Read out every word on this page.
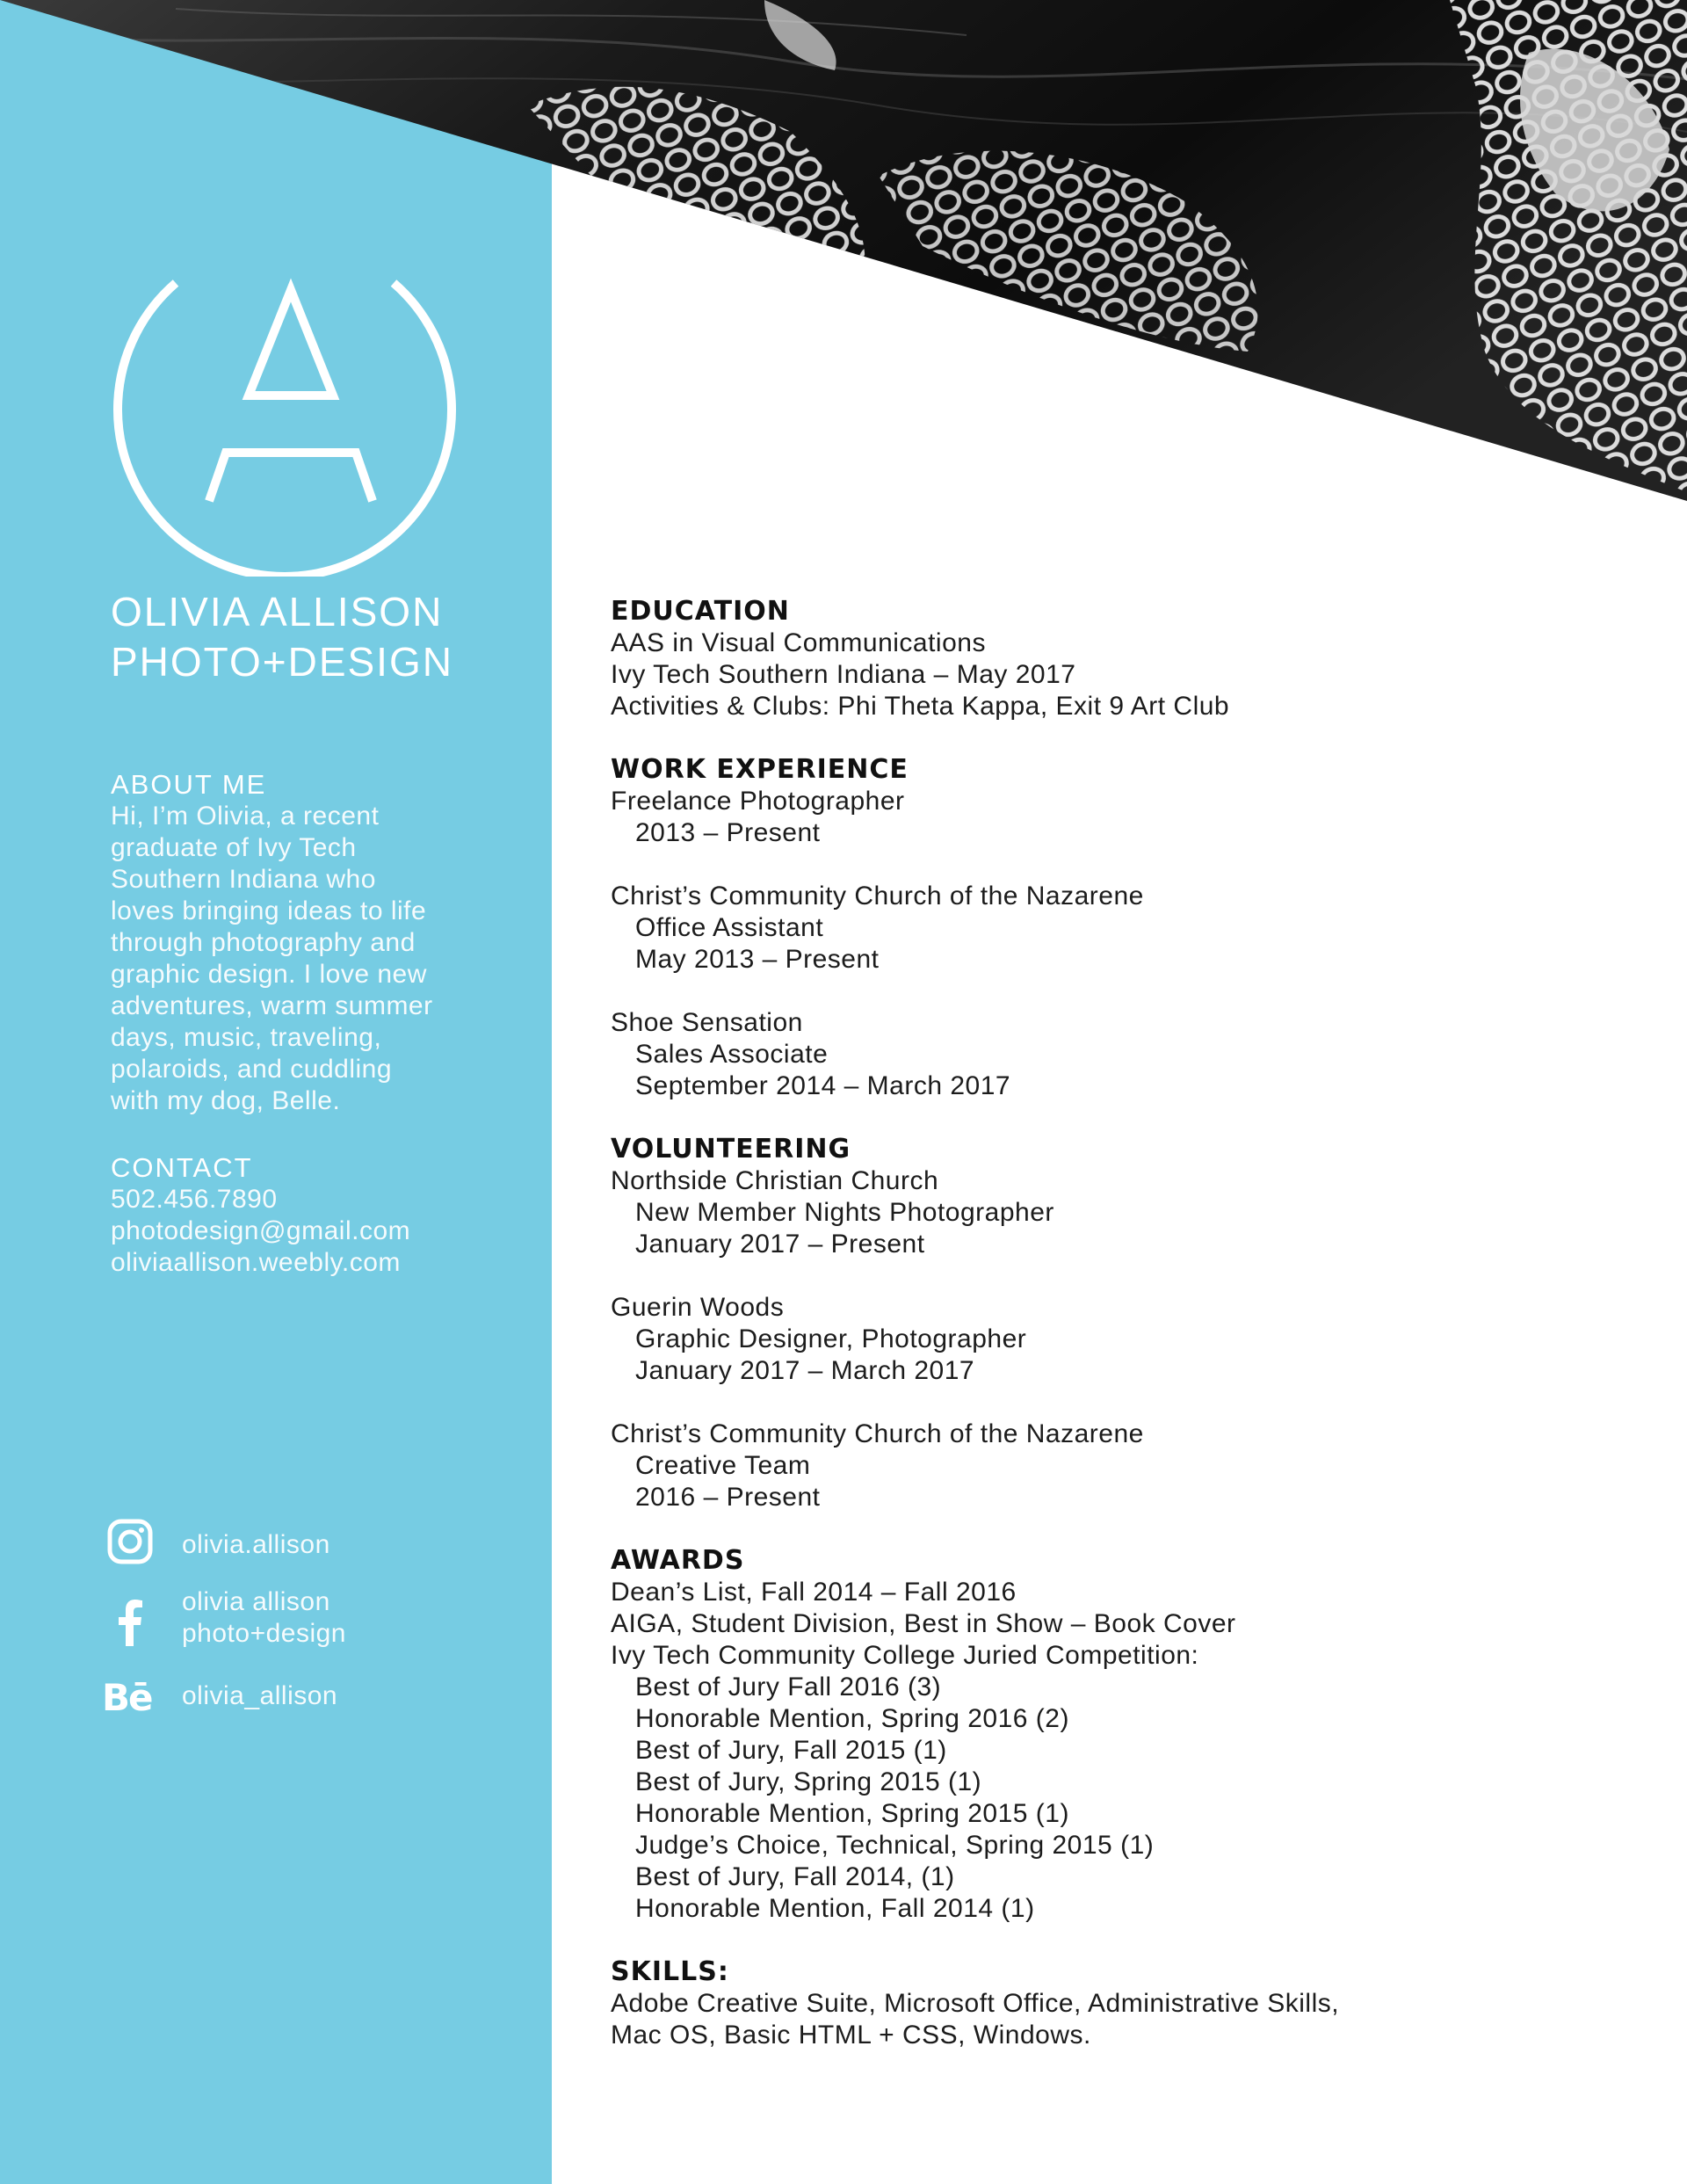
OLIVIA ALLISON
PHOTO+DESIGN
ABOUT ME
Hi, I’m Olivia, a recent
graduate of Ivy Tech
Southern Indiana who
loves bringing ideas to life
through photography and
graphic design. I love new
adventures, warm summer
days, music, traveling,
polaroids, and cuddling
with my dog, Belle.
CONTACT
502.456.7890
photodesign@gmail.com
oliviaallison.weebly.com
olivia.allison
olivia allison
photo+design
Bē olivia_allison
EDUCATION
AAS in Visual Communications
Ivy Tech Southern Indiana – May 2017
Activities & Clubs: Phi Theta Kappa, Exit 9 Art Club
WORK EXPERIENCE
Freelance Photographer
2013 – Present
Christ’s Community Church of the Nazarene
Office Assistant
May 2013 – Present
Shoe Sensation
Sales Associate
September 2014 – March 2017
VOLUNTEERING
Northside Christian Church
New Member Nights Photographer
January 2017 – Present
Guerin Woods
Graphic Designer, Photographer
January 2017 – March 2017
Christ’s Community Church of the Nazarene
Creative Team
2016 – Present
AWARDS
Dean’s List, Fall 2014 – Fall 2016
AIGA, Student Division, Best in Show – Book Cover
Ivy Tech Community College Juried Competition:
Best of Jury Fall 2016 (3)
Honorable Mention, Spring 2016 (2)
Best of Jury, Fall 2015 (1)
Best of Jury, Spring 2015 (1)
Honorable Mention, Spring 2015 (1)
Judge’s Choice, Technical, Spring 2015 (1)
Best of Jury, Fall 2014, (1)
Honorable Mention, Fall 2014 (1)
SKILLS:
Adobe Creative Suite, Microsoft Office, Administrative Skills,
Mac OS, Basic HTML + CSS, Windows.
